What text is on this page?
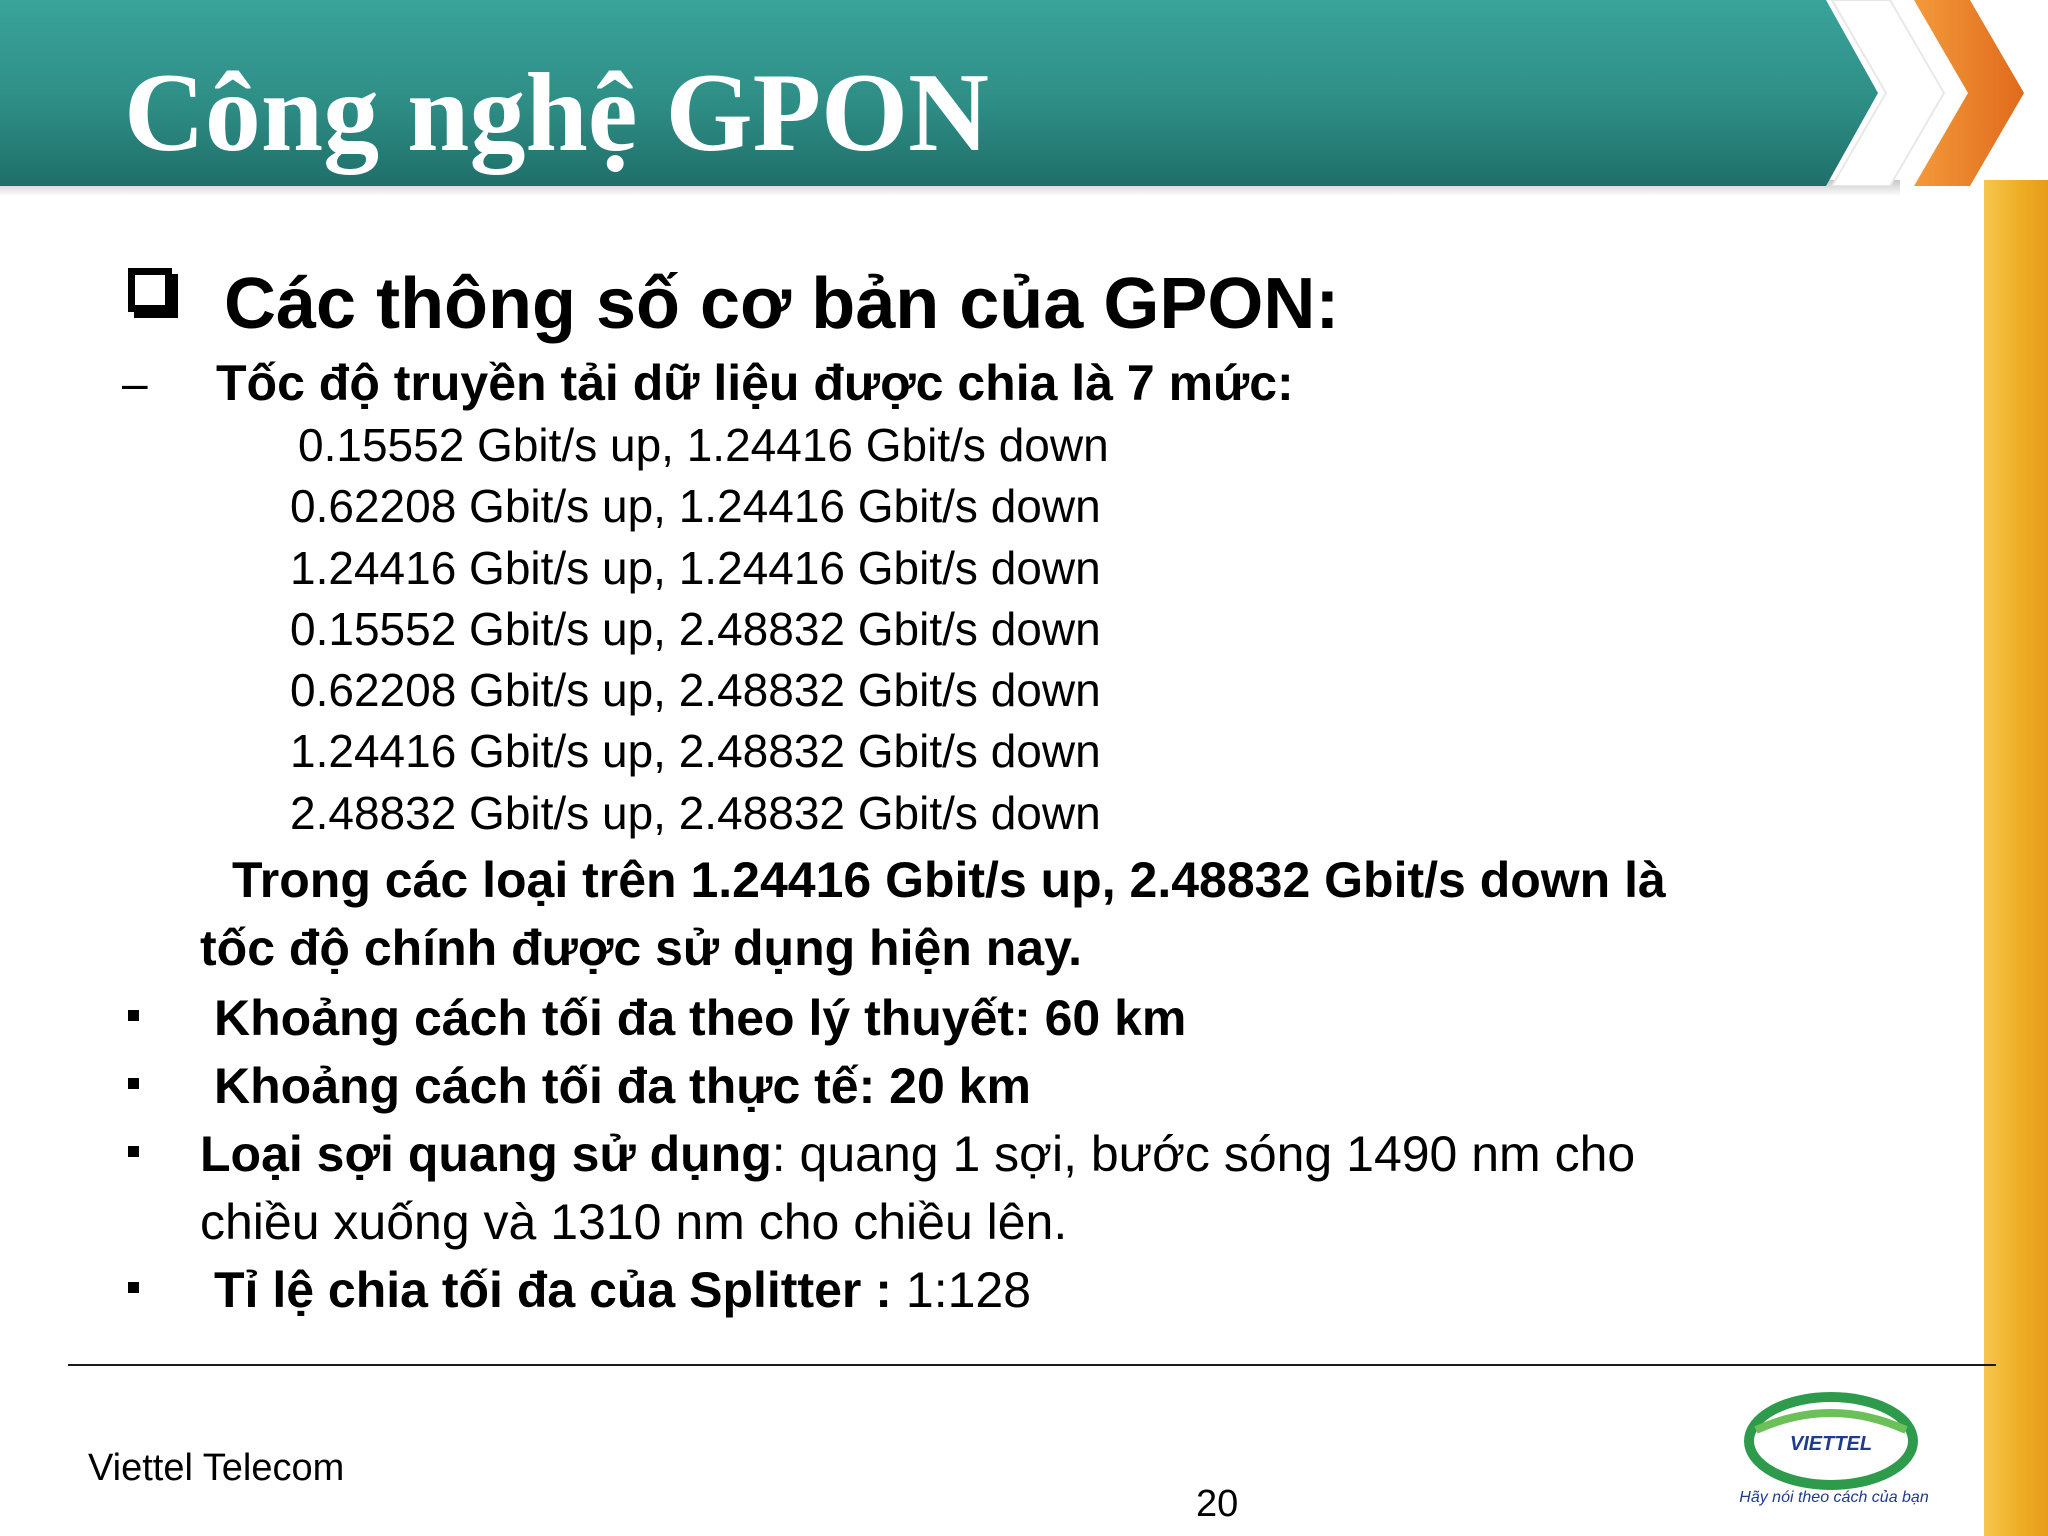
Công nghệ GPON
Các thông số cơ bản của GPON:
– Tốc độ truyền tải dữ liệu được chia là 7 mức:
0.15552 Gbit/s up, 1.24416 Gbit/s down
0.62208 Gbit/s up, 1.24416 Gbit/s down
1.24416 Gbit/s up, 1.24416 Gbit/s down
0.15552 Gbit/s up, 2.48832 Gbit/s down
0.62208 Gbit/s up, 2.48832 Gbit/s down
1.24416 Gbit/s up, 2.48832 Gbit/s down
2.48832 Gbit/s up, 2.48832 Gbit/s down
Trong các loại trên 1.24416 Gbit/s up, 2.48832 Gbit/s down là
tốc độ chính được sử dụng hiện nay.
Khoảng cách tối đa theo lý thuyết: 60 km
Khoảng cách tối đa thực tế: 20 km
Loại sợi quang sử dụng: quang 1 sợi, bước sóng 1490 nm cho
chiều xuống và 1310 nm cho chiều lên.
Tỉ lệ chia tối đa của Splitter : 1:128
Viettel Telecom
20
VIETTEL
Hãy nói theo cách của bạn
